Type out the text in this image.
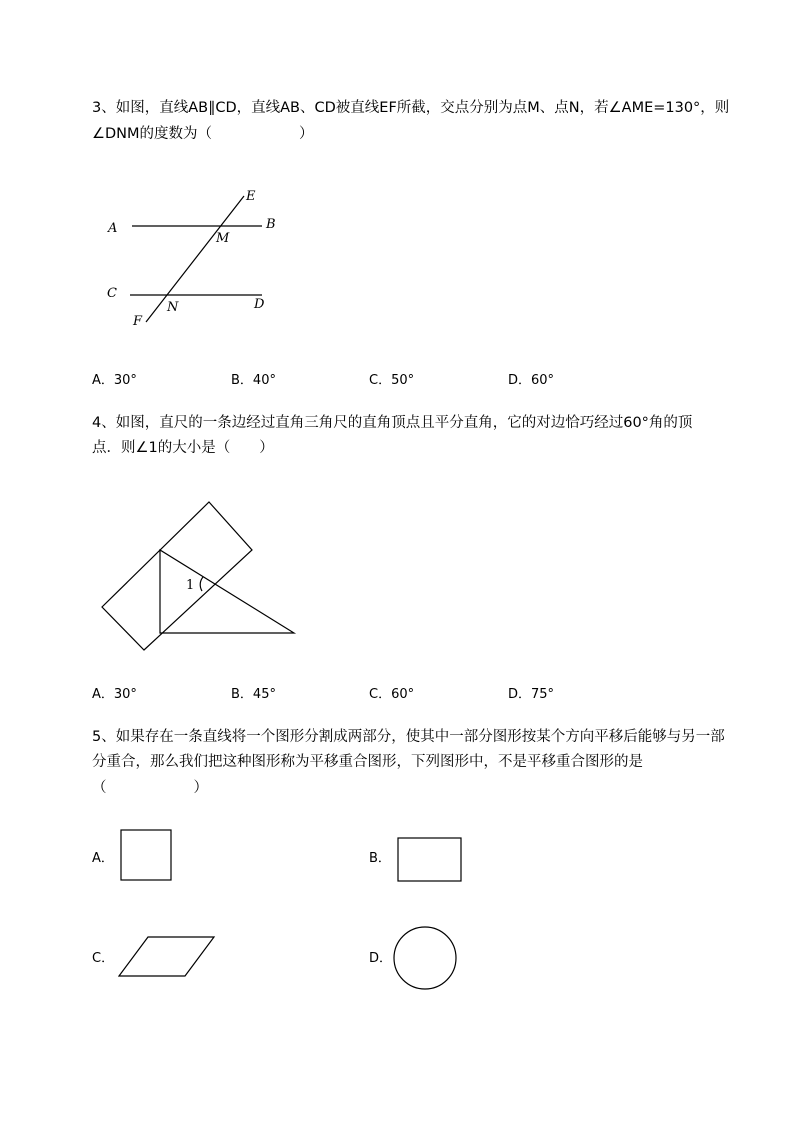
3、如图，直线AB∥CD，直线AB、CD被直线EF所截，交点分别为点M、点N，若∠AME=130°，则
∠DNM的度数为（　　　　　　）
A	B
C
D
E
F
M
N
A．30°	B．40°	C．50°	D．60°
4、如图，直尺的一条边经过直角三角尺的直角顶点且平分直角，它的对边恰巧经过60°角的顶
点．则∠1的大小是（　　）
1
A．30°	B．45°	C．60°	D．75°
5、如果存在一条直线将一个图形分割成两部分，使其中一部分图形按某个方向平移后能够与另一部
分重合，那么我们把这种图形称为平移重合图形，下列图形中，不是平移重合图形的是
（　　　　　　）
A．	B．
C．	D．
